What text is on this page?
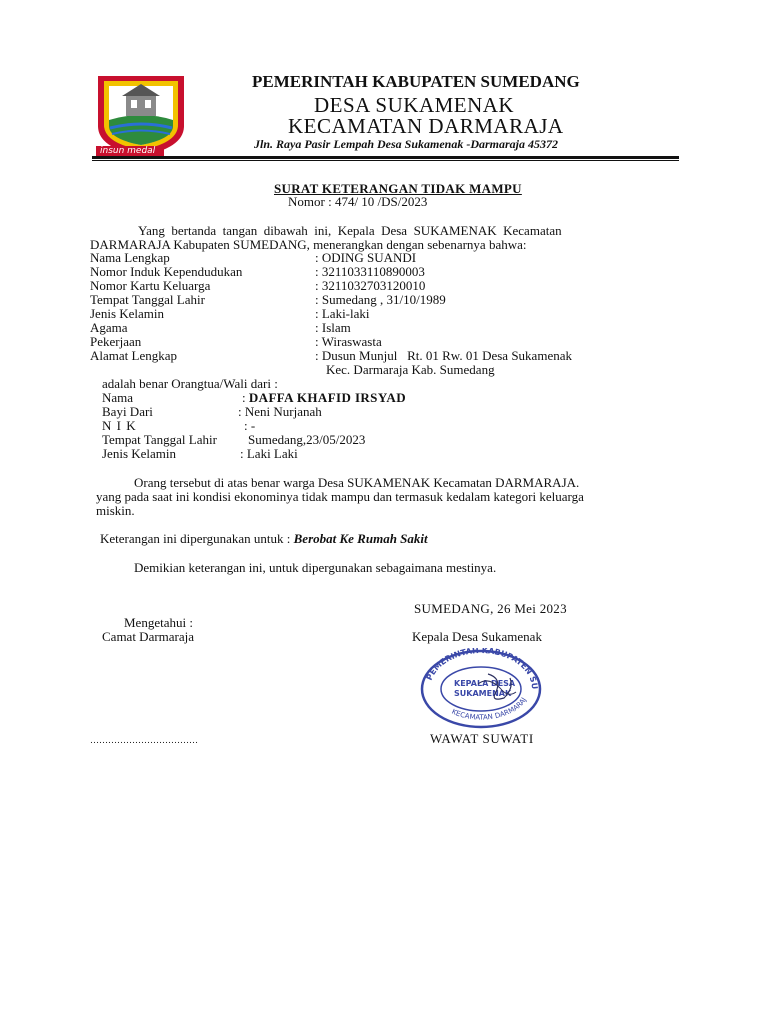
insun medal
PEMERINTAH KABUPATEN SUMEDANG
DESA SUKAMENAK
KECAMATAN DARMARAJA
Jln. Raya Pasir Lempah Desa Sukamenak -Darmaraja 45372
SURAT KETERANGAN TIDAK MAMPU
Nomor : 474/ 10 /DS/2023
Yang  bertanda  tangan  dibawah  ini,  Kepala  Desa  SUKAMENAK  Kecamatan
DARMARAJA Kabupaten SUMEDANG, menerangkan dengan sebenarnya bahwa:
Nama Lengkap	: ODING SUANDI
Nomor Induk Kependudukan	: 3211033110890003
Nomor Kartu Keluarga	: 3211032703120010
Tempat Tanggal Lahir	: Sumedang , 31/10/1989
Jenis Kelamin	: Laki-laki
Agama	: Islam
Pekerjaan	: Wiraswasta
Alamat Lengkap	: Dusun Munjul   Rt. 01 Rw. 01 Desa Sukamenak
Kec. Darmaraja Kab. Sumedang
adalah benar Orangtua/Wali dari :
Nama	: DAFFA KHAFID IRSYAD
Bayi Dari	: Neni Nurjanah
N I K	: -
Tempat Tanggal Lahir Sumedang,23/05/2023
Jenis Kelamin	: Laki Laki
Orang tersebut di atas benar warga Desa SUKAMENAK Kecamatan DARMARAJA.
yang pada saat ini kondisi ekonominya tidak mampu dan termasuk kedalam kategori keluarga
miskin.
Keterangan ini dipergunakan untuk : Berobat Ke Rumah Sakit
Demikian keterangan ini, untuk dipergunakan sebagaimana mestinya.
SUMEDANG, 26 Mei 2023
Mengetahui :
Camat Darmaraja	Kepala Desa Sukamenak
PEMERINTAH KABUPATEN SU
KECAMATAN DARMARAJ
KEPALA DESA
SUKAMENAK
………………………………	WAWAT SUWATI
